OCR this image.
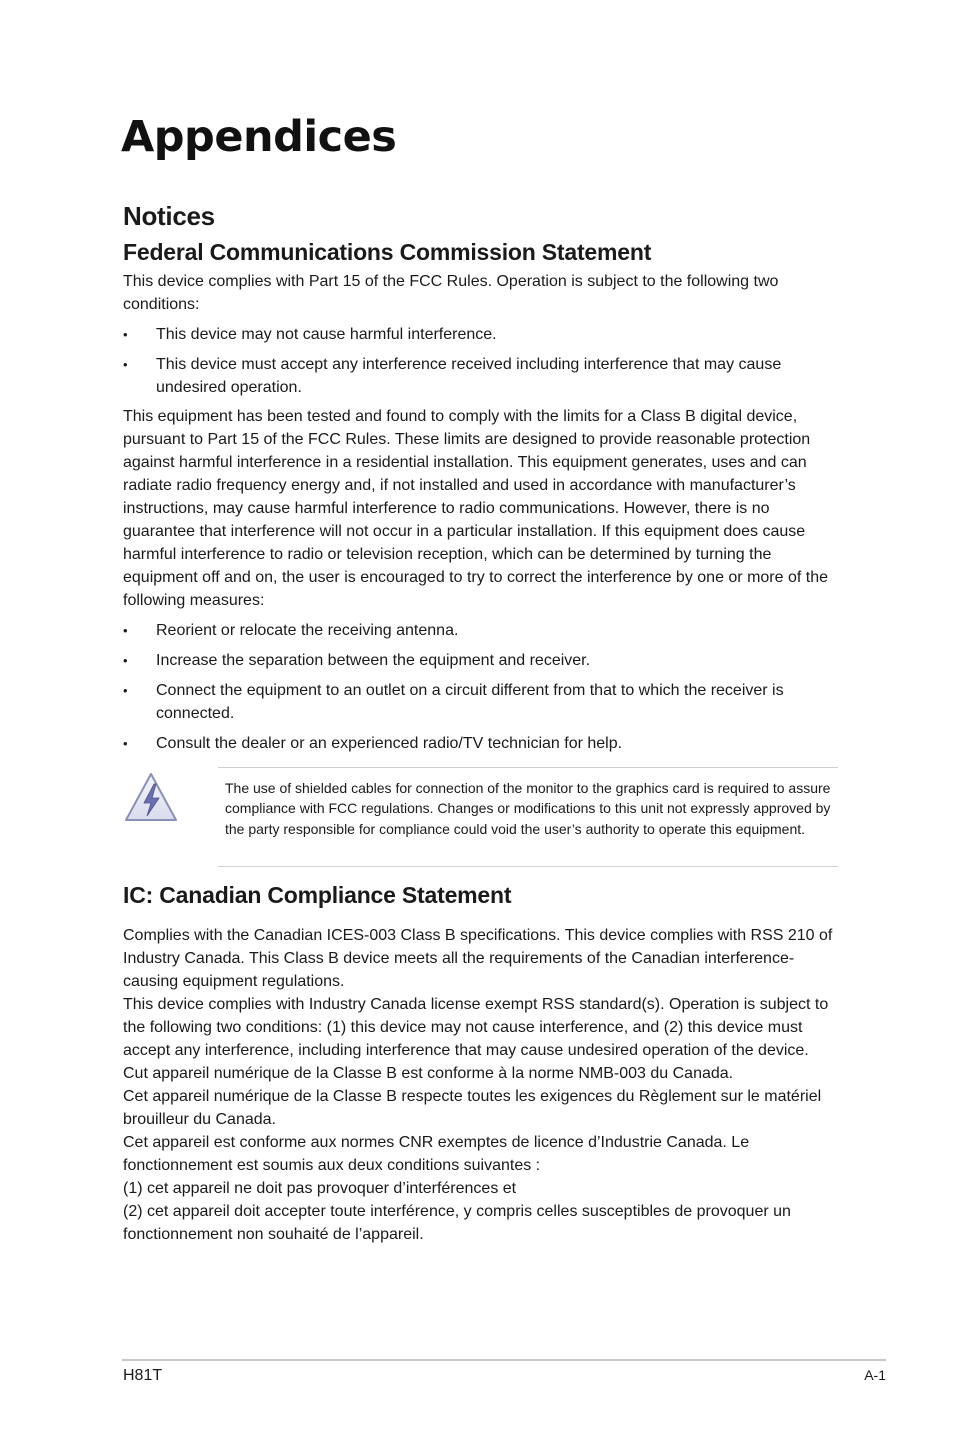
Appendices
Notices
Federal Communications Commission Statement

This device complies with Part 15 of the FCC Rules. Operation is subject to the following two conditions:

• This device may not cause harmful interference.
• This device must accept any interference received including interference that may cause undesired operation.

This equipment has been tested and found to comply with the limits for a Class B digital device, pursuant to Part 15 of the FCC Rules. These limits are designed to provide reasonable protection against harmful interference in a residential installation. This equipment generates, uses and can radiate radio frequency energy and, if not installed and used in accordance with manufacturer’s instructions, may cause harmful interference to radio communications. However, there is no guarantee that interference will not occur in a particular installation. If this equipment does cause harmful interference to radio or television reception, which can be determined by turning the equipment off and on, the user is encouraged to try to correct the interference by one or more of the following measures:

• Reorient or relocate the receiving antenna.
• Increase the separation between the equipment and receiver.
• Connect the equipment to an outlet on a circuit different from that to which the receiver is connected.
• Consult the dealer or an experienced radio/TV technician for help.

The use of shielded cables for connection of the monitor to the graphics card is required to assure compliance with FCC regulations. Changes or modifications to this unit not expressly approved by the party responsible for compliance could void the user’s authority to operate this equipment.

IC: Canadian Compliance Statement

Complies with the Canadian ICES-003 Class B specifications. This device complies with RSS 210 of Industry Canada. This Class B device meets all the requirements of the Canadian interference-causing equipment regulations.

This device complies with Industry Canada license exempt RSS standard(s). Operation is subject to the following two conditions: (1) this device may not cause interference, and (2) this device must accept any interference, including interference that may cause undesired operation of the device.

Cut appareil numérique de la Classe B est conforme à la norme NMB-003 du Canada.

Cet appareil numérique de la Classe B respecte toutes les exigences du Règlement sur le matériel brouilleur du Canada.

Cet appareil est conforme aux normes CNR exemptes de licence d’Industrie Canada. Le fonctionnement est soumis aux deux conditions suivantes :

(1) cet appareil ne doit pas provoquer d’interférences et

(2) cet appareil doit accepter toute interférence, y compris celles susceptibles de provoquer un fonctionnement non souhaité de l’appareil.

H81T	A-1
